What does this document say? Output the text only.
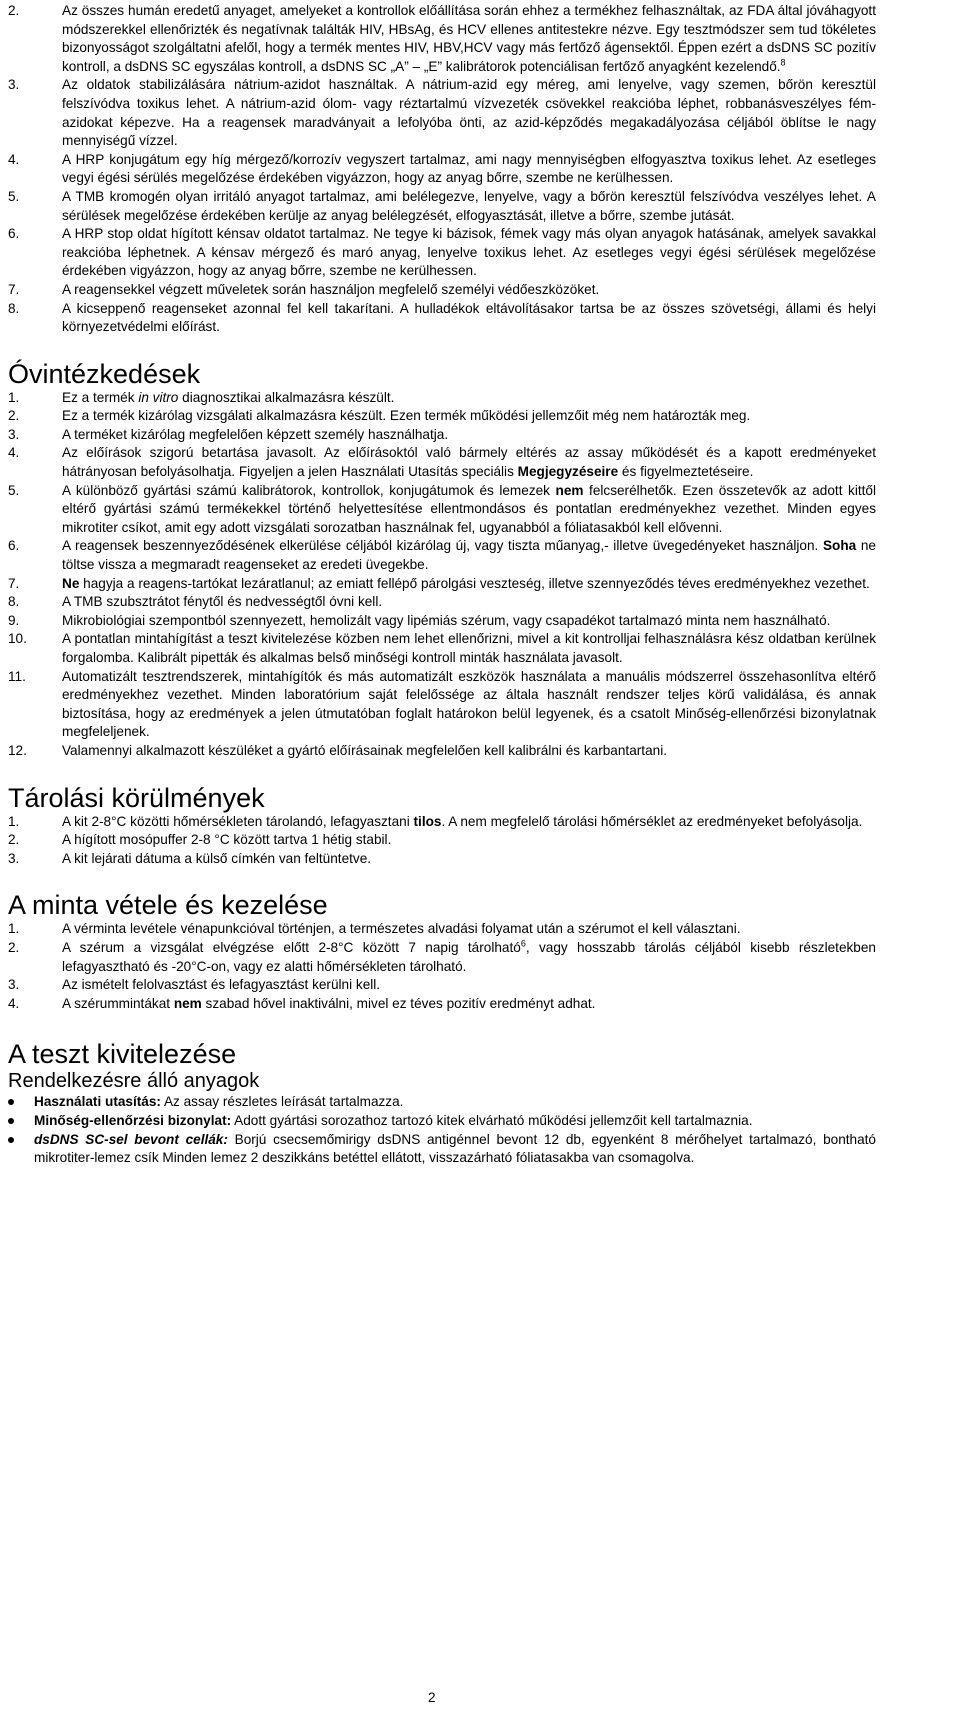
2.	Az összes humán eredetű anyaget, amelyeket a kontrollok előállítása során ehhez a termékhez felhasználtak, az FDA által jóváhagyott módszerekkel ellenőrizték és negatívnak találták HIV, HBsAg, és HCV ellenes antitestekre nézve. Egy tesztmódszer sem tud tökéletes bizonyosságot szolgáltatni afelől, hogy a termék mentes HIV, HBV,HCV vagy más fertőző ágensektől. Éppen ezért a dsDNS SC pozitív kontroll, a dsDNS SC egyszálas kontroll, a dsDNS SC „A” – „E” kalibrátorok potenciálisan fertőző anyagként kezelendő.$^8$
3.	Az oldatok stabilizálására nátrium-azidot használtak. A nátrium-azid egy méreg, ami lenyelve, vagy szemen, bőrön keresztül felszívódva toxikus lehet. A nátrium-azid ólom- vagy réztartalmú vízvezeték csövekkel reakcióba léphet, robbanásveszélyes fém-azidokat képezve. Ha a reagensek maradványait a lefolyóba önti, az azid-képződés megakadályozása céljából öblítse le nagy mennyiségű vízzel.
4.	A HRP konjugátum egy híg mérgező/korrozív vegyszert tartalmaz, ami nagy mennyiségben elfogyasztva toxikus lehet. Az esetleges vegyi égési sérülés megelőzése érdekében vigyázzon, hogy az anyag bőrre, szembe ne kerülhessen.
5.	A TMB kromogén olyan irritáló anyagot tartalmaz, ami belélegezve, lenyelve, vagy a bőrön keresztül felszívódva veszélyes lehet. A sérülések megelőzése érdekében kerülje az anyag belélegzését, elfogyasztását, illetve a bőrre, szembe jutását.
6.	A HRP stop oldat hígított kénsav oldatot tartalmaz. Ne tegye ki bázisok, fémek vagy más olyan anyagok hatásának, amelyek savakkal reakcióba léphetnek. A kénsav mérgező és maró anyag, lenyelve toxikus lehet. Az esetleges vegyi égési sérülések megelőzése érdekében vigyázzon, hogy az anyag bőrre, szembe ne kerülhessen.
7.	A reagensekkel végzett műveletek során használjon megfelelő személyi védőeszközöket.
8.	A kicseppenő reagenseket azonnal fel kell takarítani. A hulladékok eltávolításakor tartsa be az összes szövetségi, állami és helyi környezetvédelmi előírást.
Óvintézkedések
1.	Ez a termék in vitro diagnosztikai alkalmazásra készült.
2.	Ez a termék kizárólag vizsgálati alkalmazásra készült. Ezen termék működési jellemzőit még nem határozták meg.
3.	A terméket kizárólag megfelelően képzett személy használhatja.
4.	Az előírások szigorú betartása javasolt. Az előírásoktól való bármely eltérés az assay működését és a kapott eredményeket hátrányosan befolyásolhatja. Figyeljen a jelen Használati Utasítás speciális Megjegyzéseire és figyelmeztetéseire.
5.	A különböző gyártási számú kalibrátorok, kontrollok, konjugátumok és lemezek nem felcserélhetők. Ezen összetevők az adott kittől eltérő gyártási számú termékekkel történő helyettesítése ellentmondásos és pontatlan eredményekhez vezethet. Minden egyes mikrotiter csíkot, amit egy adott vizsgálati sorozatban használnak fel, ugyanabból a fóliatasakból kell elővenni.
6.	A reagensek beszennyeződésének elkerülése céljából kizárólag új, vagy tiszta műanyag,- illetve üvegedényeket használjon. Soha ne töltse vissza a megmaradt reagenseket az eredeti üvegekbe.
7.	Ne hagyja a reagens-tartókat lezáratlanul; az emiatt fellépő párolgási veszteség, illetve szennyeződés téves eredményekhez vezethet.
8.	A TMB szubsztrátot fénytől és nedvességtől óvni kell.
9.	Mikrobiológiai szempontból szennyezett, hemolizált vagy lipémiás szérum, vagy csapadékot tartalmazó minta nem használható.
10.	A pontatlan mintahígítást a teszt kivitelezése közben nem lehet ellenőrizni, mivel a kit kontrolljai felhasználásra kész oldatban kerülnek forgalomba. Kalibrált pipetták és alkalmas belső minőségi kontroll minták használata javasolt.
11.	Automatizált tesztrendszerek, mintahígítók és más automatizált eszközök használata a manuális módszerrel összehasonlítva eltérő eredményekhez vezethet. Minden laboratórium saját felelőssége az általa használt rendszer teljes körű validálása, és annak biztosítása, hogy az eredmények a jelen útmutatóban foglalt határokon belül legyenek, és a csatolt Minőség-ellenőrzési bizonylatnak megfeleljenek.
12.	Valamennyi alkalmazott készüléket a gyártó előírásainak megfelelően kell kalibrálni és karbantartani.
Tárolási körülmények
1.	A kit 2-8°C közötti hőmérsékleten tárolandó, lefagyasztani tilos. A nem megfelelő tárolási hőmérséklet az eredményeket befolyásolja.
2.	A hígított mosópuffer 2-8 °C között tartva 1 hétig stabil.
3.	A kit lejárati dátuma a külső címkén van feltüntetve.
A minta vétele és kezelése
1.	A vérminta levétele vénapunkcióval történjen, a természetes alvadási folyamat után a szérumot el kell választani.
2.	A szérum a vizsgálat elvégzése előtt 2-8°C között 7 napig tárolható$^6$, vagy hosszabb tárolás céljából kisebb részletekben lefagyasztható és -20°C-on, vagy ez alatti hőmérsékleten tárolható.
3.	Az ismételt felolvasztást és lefagyasztást kerülni kell.
4.	A szérummintákat nem szabad hővel inaktiválni, mivel ez téves pozitív eredményt adhat.
A teszt kivitelezése
Rendelkezésre álló anyagok
Használati utasítás: Az assay részletes leírását tartalmazza.
Minőség-ellenőrzési bizonylat: Adott gyártási sorozathoz tartozó kitek elvárható működési jellemzőit kell tartalmaznia.
dsDNS SC-sel bevont cellák: Borjú csecsemőmirigy dsDNS antigénnel bevont 12 db, egyenként 8 mérőhelyet tartalmazó, bontható mikrotiter-lemez csík Minden lemez 2 deszikkáns betéttel ellátott, visszazárható fóliatasakba van csomagolva.
2
